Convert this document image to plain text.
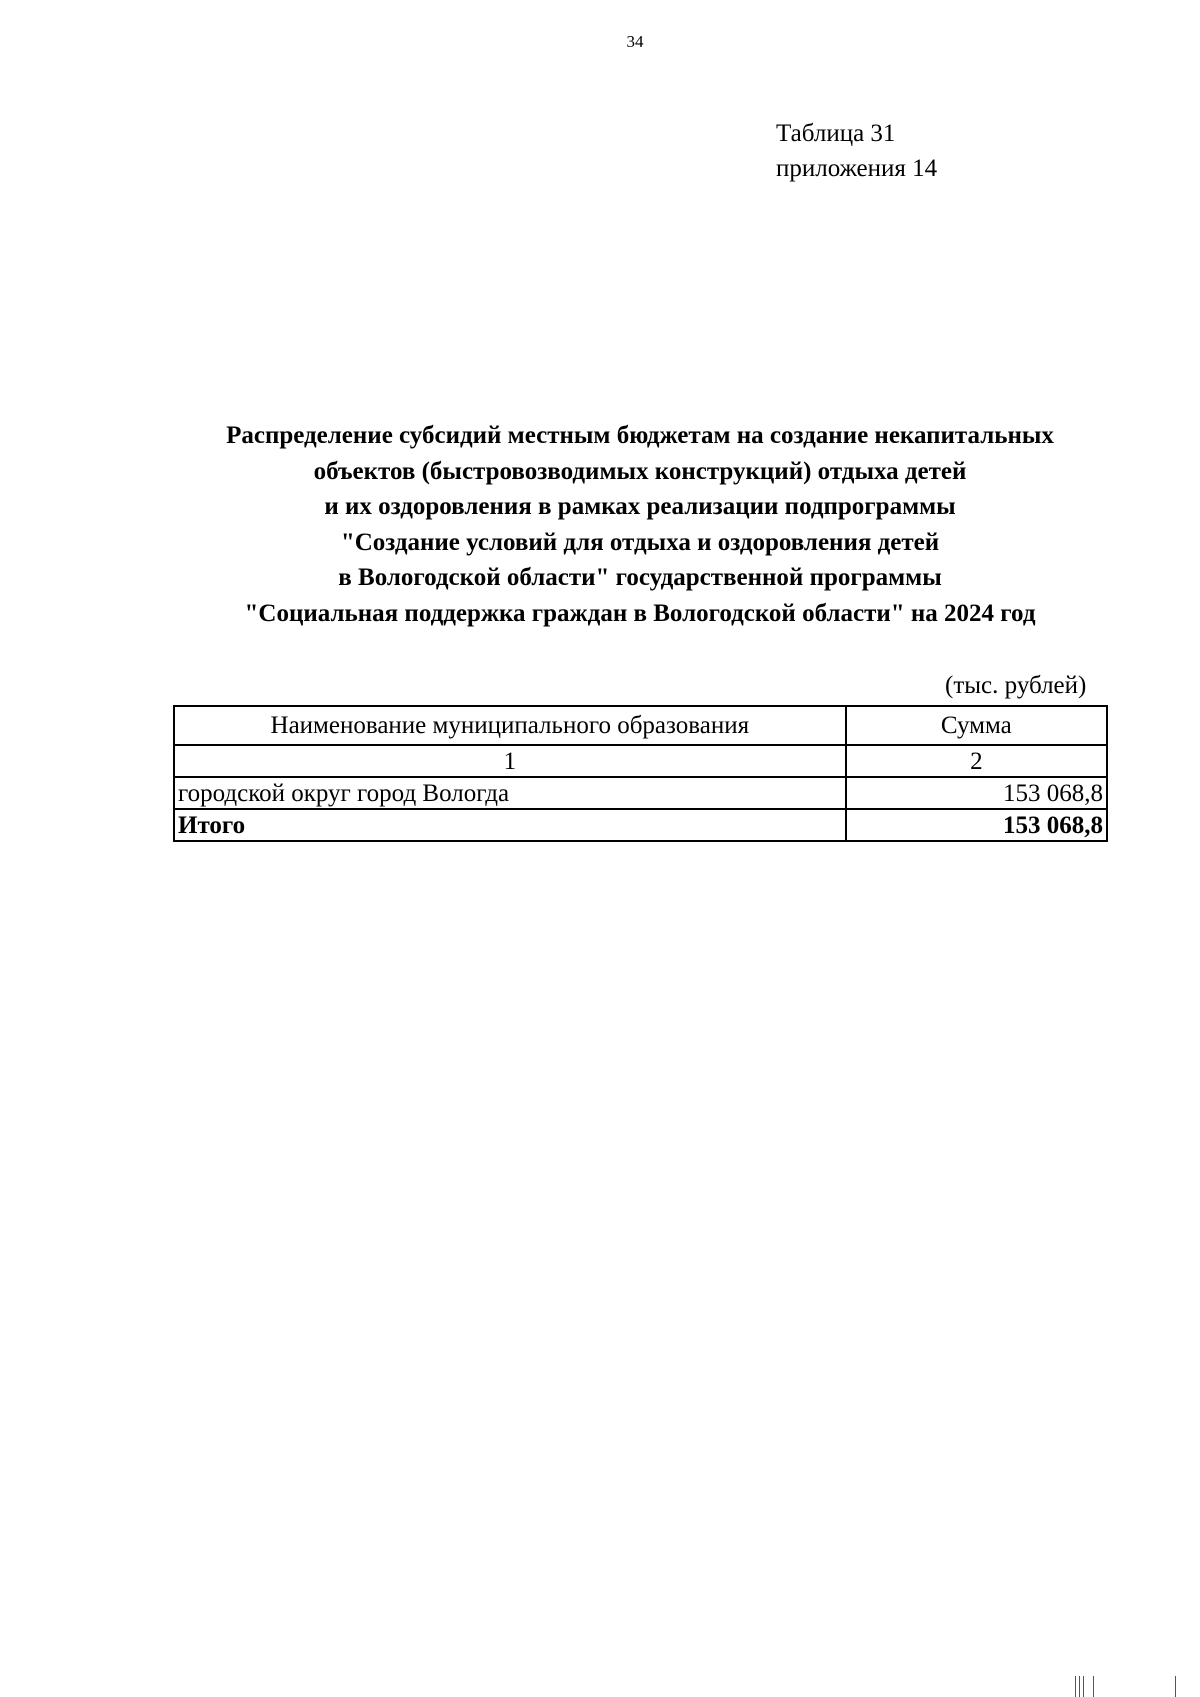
34
Таблица 31
приложения 14
Распределение субсидий местным бюджетам на создание некапитальных
объектов (быстровозводимых конструкций) отдыха детей
и их оздоровления в рамках реализации подпрограммы
"Создание условий для отдыха и оздоровления детей
в Вологодской области" государственной программы
"Социальная поддержка граждан в Вологодской области" на 2024 год
(тыс. рублей)
Наименование муниципального образования	Сумма
1	2
городской округ город Вологда	153 068,8
Итого	153 068,8
